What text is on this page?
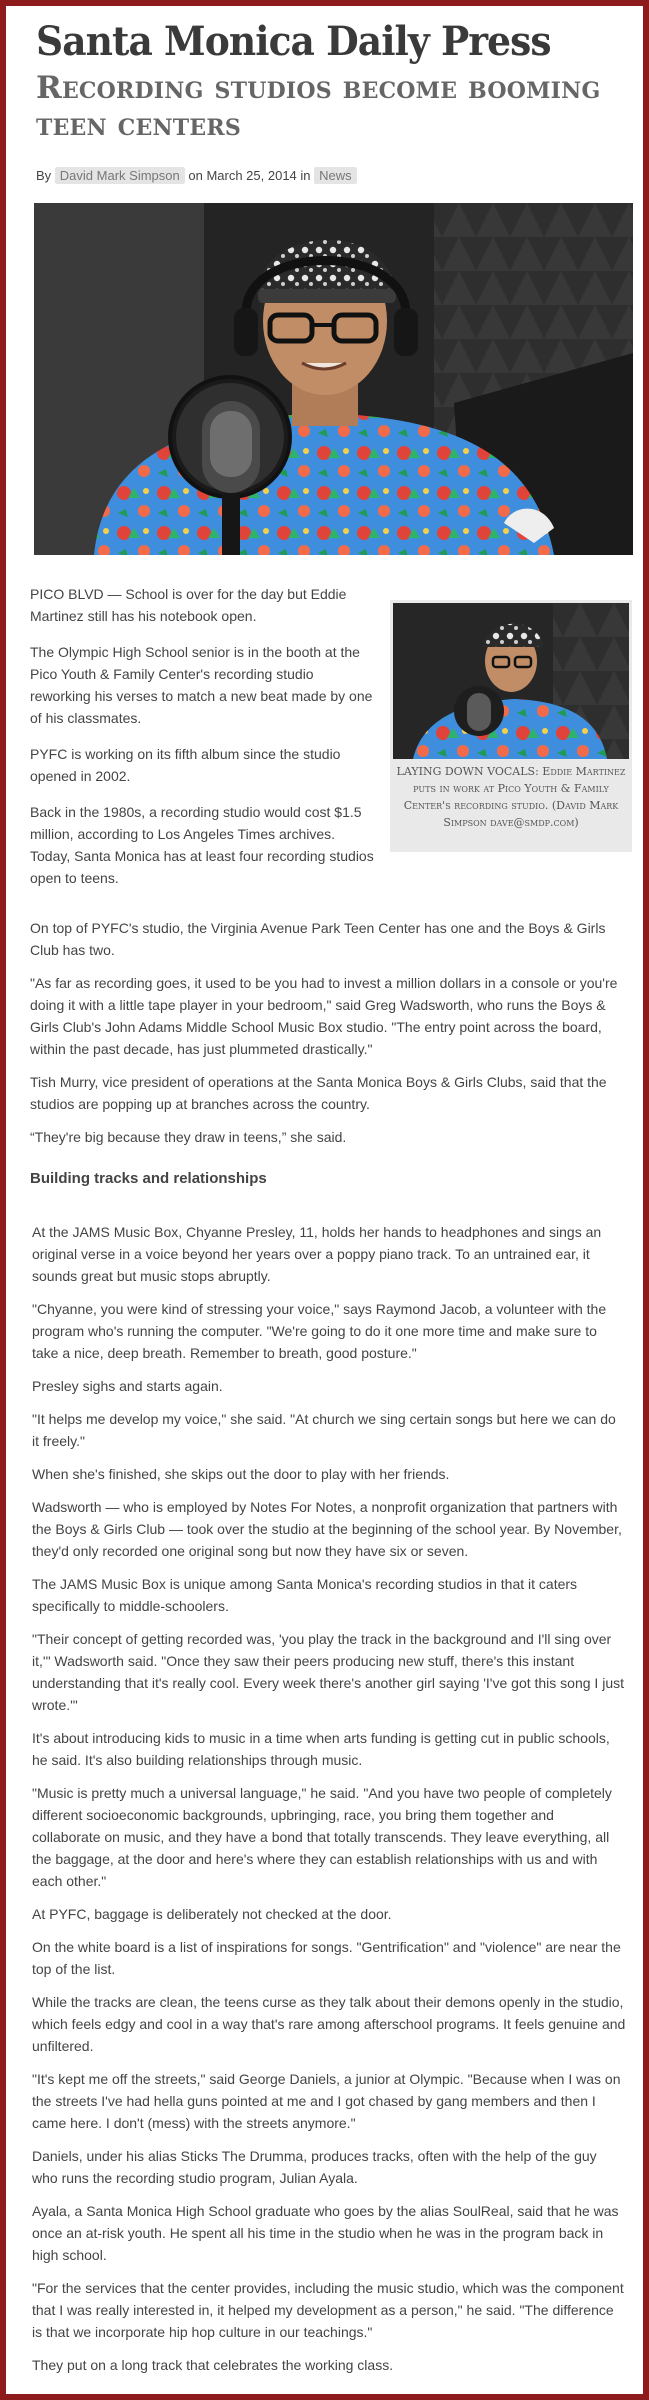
Santa Monica Daily Press
Recording studios become booming teen centers
By David Mark Simpson on March 25, 2014 in News
LAYING DOWN VOCALS: Eddie Martinez puts in work at Pico Youth & Family Center's recording studio. (David Mark Simpson dave@smdp.com)

PICO BLVD — School is over for the day but Eddie Martinez still has his notebook open.

The Olympic High School senior is in the booth at the Pico Youth & Family Center's recording studio reworking his verses to match a new beat made by one of his classmates.

PYFC is working on its fifth album since the studio opened in 2002.

Back in the 1980s, a recording studio would cost $1.5 million, according to Los Angeles Times archives. Today, Santa Monica has at least four recording studios open to teens.

On top of PYFC's studio, the Virginia Avenue Park Teen Center has one and the Boys & Girls Club has two.

"As far as recording goes, it used to be you had to invest a million dollars in a console or you're doing it with a little tape player in your bedroom," said Greg Wadsworth, who runs the Boys & Girls Club's John Adams Middle School Music Box studio. "The entry point across the board, within the past decade, has just plummeted drastically."

Tish Murry, vice president of operations at the Santa Monica Boys & Girls Clubs, said that the studios are popping up at branches across the country.

“They're big because they draw in teens,” she said.

Building tracks and relationships

At the JAMS Music Box, Chyanne Presley, 11, holds her hands to headphones and sings an original verse in a voice beyond her years over a poppy piano track. To an untrained ear, it sounds great but music stops abruptly.

"Chyanne, you were kind of stressing your voice," says Raymond Jacob, a volunteer with the program who's running the computer. "We're going to do it one more time and make sure to take a nice, deep breath. Remember to breath, good posture."

Presley sighs and starts again.

"It helps me develop my voice," she said. "At church we sing certain songs but here we can do it freely."

When she's finished, she skips out the door to play with her friends.

Wadsworth — who is employed by Notes For Notes, a nonprofit organization that partners with the Boys & Girls Club — took over the studio at the beginning of the school year. By November, they'd only recorded one original song but now they have six or seven.

The JAMS Music Box is unique among Santa Monica's recording studios in that it caters specifically to middle-schoolers.

"Their concept of getting recorded was, 'you play the track in the background and I'll sing over it,'" Wadsworth said. "Once they saw their peers producing new stuff, there's this instant understanding that it's really cool. Every week there's another girl saying 'I've got this song I just wrote.'"

It's about introducing kids to music in a time when arts funding is getting cut in public schools, he said. It's also building relationships through music.

"Music is pretty much a universal language," he said. "And you have two people of completely different socioeconomic backgrounds, upbringing, race, you bring them together and collaborate on music, and they have a bond that totally transcends. They leave everything, all the baggage, at the door and here's where they can establish relationships with us and with each other."

At PYFC, baggage is deliberately not checked at the door.

On the white board is a list of inspirations for songs. "Gentrification" and "violence" are near the top of the list.

While the tracks are clean, the teens curse as they talk about their demons openly in the studio, which feels edgy and cool in a way that's rare among afterschool programs. It feels genuine and unfiltered.

"It's kept me off the streets," said George Daniels, a junior at Olympic. "Because when I was on the streets I've had hella guns pointed at me and I got chased by gang members and then I came here. I don't (mess) with the streets anymore."

Daniels, under his alias Sticks The Drumma, produces tracks, often with the help of the guy who runs the recording studio program, Julian Ayala.

Ayala, a Santa Monica High School graduate who goes by the alias SoulReal, said that he was once an at-risk youth. He spent all his time in the studio when he was in the program back in high school.

"For the services that the center provides, including the music studio, which was the component that I was really interested in, it helped my development as a person," he said. "The difference is that we incorporate hip hop culture in our teachings."

They put on a long track that celebrates the working class.
